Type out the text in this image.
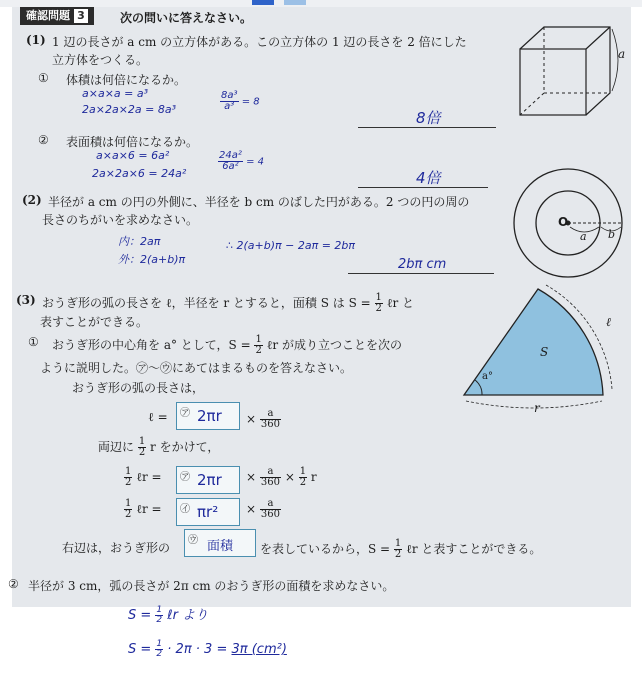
確認問題 3	次の問いに答えなさい。
(1) 1 辺の長さが a cm の立方体がある。この立方体の 1 辺の長さを 2 倍にした
立方体をつくる。
① 体積は何倍になるか。
a×a×a = a³
2a×2a×2a = 8a³	$\frac{\text{8a³}}{\text{a³}} = 8$
8倍
② 表面積は何倍になるか。
a×a×6 = 6a²
2a×2a×6 = 24a²
$\frac{\text{24a²}}{\text{6a²}} = 4$
4倍
a
(2) 半径が a cm の円の外側に、半径を b cm のばした円がある。2 つの円の周の
長さのちがいを求めなさい。
内：2aπ
外：2(a+b)π
∴ 2(a+b)π − 2aπ = 2bπ
2bπ cm
O
a b
(3) おうぎ形の弧の長さを ℓ，半径を r とすると，面積 S は $S = \frac{1}{2}$ ℓr と
表すことができる。
① おうぎ形の中心角を a° として，$S = \frac{1}{2}$ ℓr が成り立つことを次の
ように説明した。㋐〜㋒にあてはまるものを答えなさい。
おうぎ形の弧の長さは，
ℓ = ㋐ $2\pi r \times \frac{a}{360}$
両辺に $\frac{1}{2}$ r をかけて，
$\frac{1}{2}$ ℓr = ㋐ $2\pi r \times \frac{a}{360} \times \frac{1}{2}$ r
$\frac{1}{2}$ ℓr = ㋑ $\pi r^2 \times \frac{a}{360}$
右辺は，おうぎ形の
㋒ 面積 を表しているから，$S = \frac{1}{2}$ ℓr と表すことができる。
② 半径が 3 cm，弧の長さが 2π cm のおうぎ形の面積を求めなさい。
S
ℓ
r
a°
$S = \frac{1}{2}$ ℓr より
$S = \frac{1}{2} \cdot 2\pi \cdot 3 = 3\pi$ (cm²)
